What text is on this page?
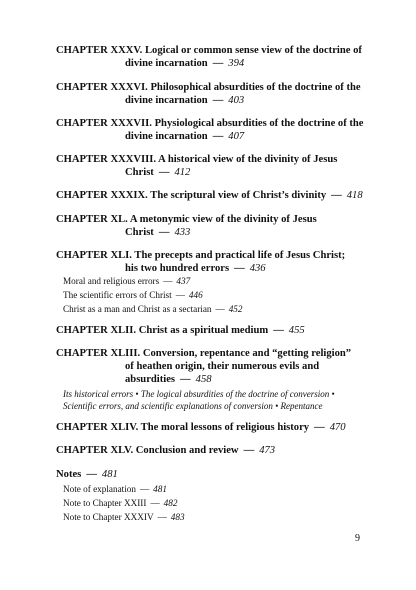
CHAPTER XXXV. Logical or common sense view of the doctrine of
divine incarnation — 394
CHAPTER XXXVI. Philosophical absurdities of the doctrine of the
divine incarnation — 403
CHAPTER XXXVII. Physiological absurdities of the doctrine of the
divine incarnation — 407
CHAPTER XXXVIII. A historical view of the divinity of Jesus
Christ — 412
CHAPTER XXXIX. The scriptural view of Christ’s divinity — 418
CHAPTER XL. A metonymic view of the divinity of Jesus
Christ — 433
CHAPTER XLI. The precepts and practical life of Jesus Christ;
his two hundred errors — 436
Moral and religious errors — 437
The scientific errors of Christ — 446
Christ as a man and Christ as a sectarian — 452
CHAPTER XLII. Christ as a spiritual medium — 455
CHAPTER XLIII. Conversion, repentance and “getting religion”
of heathen origin, their numerous evils and
absurdities — 458
Its historical errors • The logical absurdities of the doctrine of conversion •
Scientific errors, and scientific explanations of conversion • Repentance
CHAPTER XLIV. The moral lessons of religious history — 470
CHAPTER XLV. Conclusion and review — 473
Notes — 481
Note of explanation — 481
Note to Chapter XXIII — 482
Note to Chapter XXXIV — 483
9
